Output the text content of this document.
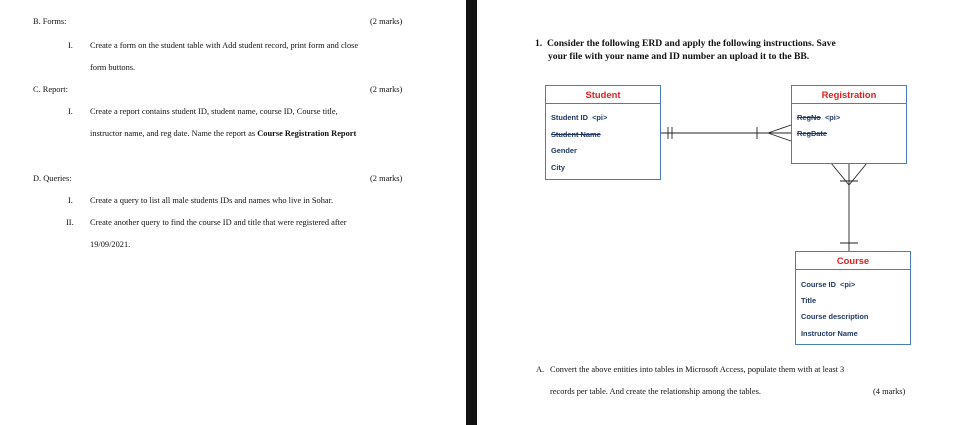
B. Forms:	(2 marks)
I. Create a form on the student table with Add student record, print form and close
form buttons.
C. Report:	(2 marks)
I. Create a report contains student ID, student name, course ID, Course title,
instructor name, and reg date. Name the report as Course Registration Report
D. Queries:	(2 marks)
I. Create a query to list all male students IDs and names who live in Sohar.
II. Create another query to find the course ID and title that were registered after
19/09/2021.
1. Consider the following ERD and apply the following instructions. Save
your file with your name and ID number an upload it to the BB.
Student
Student ID <pi>
Student Name
Gender
City
Registration
RegNo <pi>
RegDate
Course
Course ID <pi>
Title
Course description
Instructor Name
A. Convert the above entities into tables in Microsoft Access, populate them with at least 3
records per table. And create the relationship among the tables.	(4 marks)
